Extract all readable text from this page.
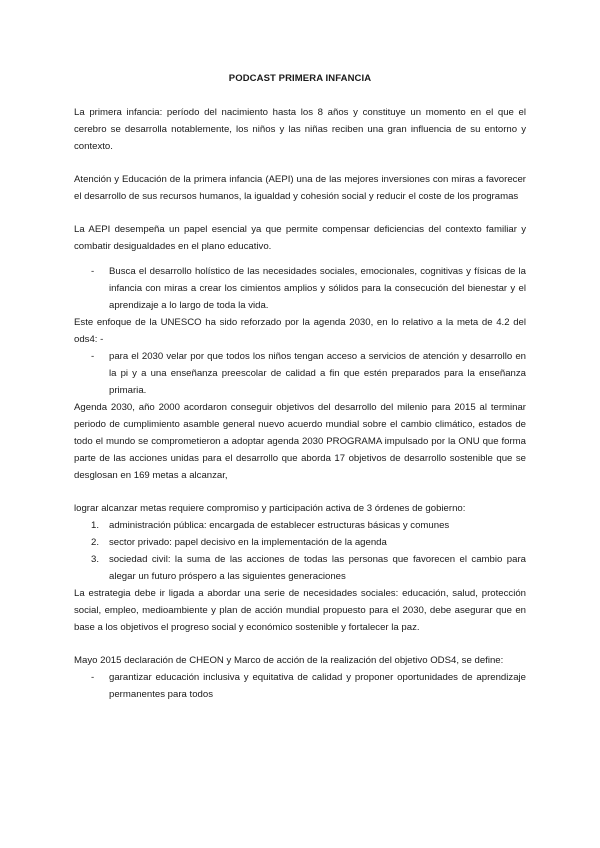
PODCAST PRIMERA INFANCIA

La primera infancia: período del nacimiento hasta los 8 años y constituye un momento en el que el cerebro se desarrolla notablemente, los niños y las niñas reciben una gran influencia de su entorno y contexto.

Atención y Educación de la primera infancia (AEPI) una de las mejores inversiones con miras a favorecer el desarrollo de sus recursos humanos, la igualdad y cohesión social y reducir el coste de los programas

La AEPI desempeña un papel esencial ya que permite compensar deficiencias del contexto familiar y combatir desigualdades en el plano educativo.

- Busca el desarrollo holístico de las necesidades sociales, emocionales, cognitivas y físicas de la infancia con miras a crear los cimientos amplios y sólidos para la consecución del bienestar y el aprendizaje a lo largo de toda la vida.

Este enfoque de la UNESCO ha sido reforzado por la agenda 2030, en lo relativo a la meta de 4.2 del ods4: -

- para el 2030 velar por que todos los niños tengan acceso a servicios de atención y desarrollo en la pi y a una enseñanza preescolar de calidad a fin que estén preparados para la enseñanza primaria.

Agenda 2030, año 2000 acordaron conseguir objetivos del desarrollo del milenio para 2015 al terminar periodo de cumplimiento asamble general nuevo acuerdo mundial sobre el cambio climático, estados de todo el mundo se comprometieron a adoptar agenda 2030 PROGRAMA impulsado por la ONU que forma parte de las acciones unidas para el desarrollo que aborda 17 objetivos de desarrollo sostenible que se desglosan en 169 metas a alcanzar,

lograr alcanzar metas requiere compromiso y participación activa de 3 órdenes de gobierno:

1. administración pública: encargada de establecer estructuras básicas y comunes
2. sector privado: papel decisivo en la implementación de la agenda
3. sociedad civil: la suma de las acciones de todas las personas que favorecen el cambio para alegar un futuro próspero a las siguientes generaciones

La estrategia debe ir ligada a abordar una serie de necesidades sociales: educación, salud, protección social, empleo, medioambiente y plan de acción mundial propuesto para el 2030, debe asegurar que en base a los objetivos el progreso social y económico sostenible y fortalecer la paz.

Mayo 2015 declaración de CHEON y Marco de acción de la realización del objetivo ODS4, se define:

- garantizar educación inclusiva y equitativa de calidad y proponer oportunidades de aprendizaje permanentes para todos
